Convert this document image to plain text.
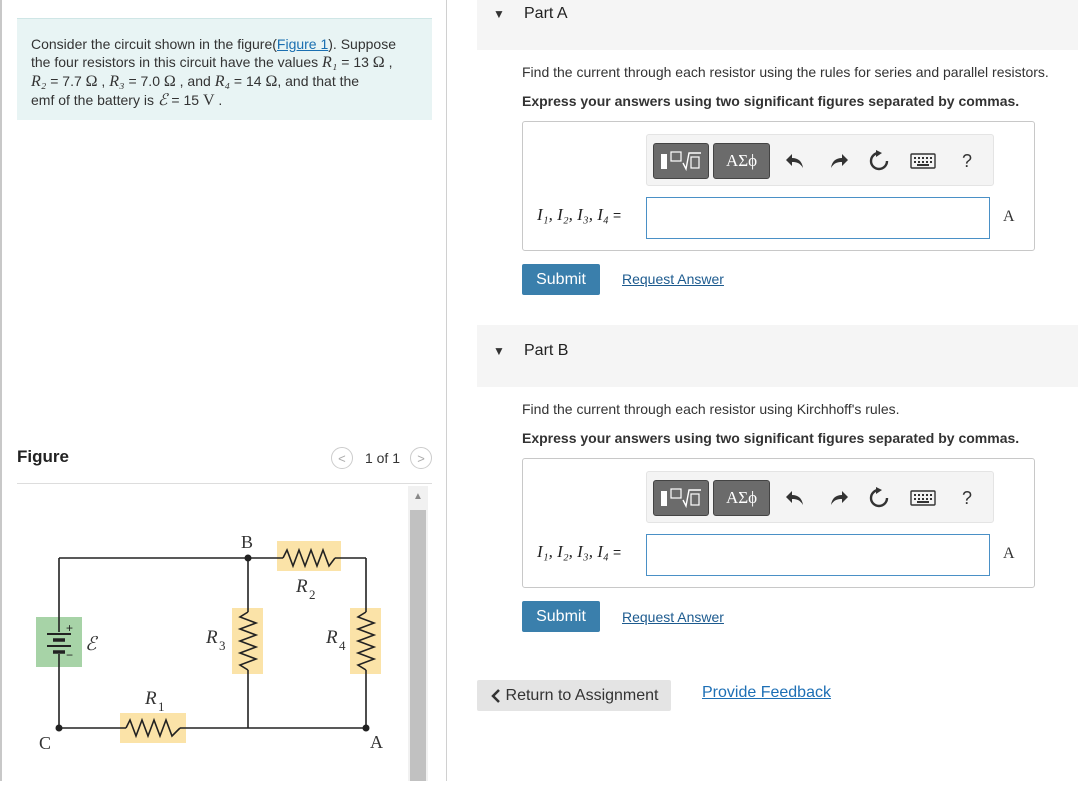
Consider the circuit shown in the figure(Figure 1). Suppose
the four resistors in this circuit have the values R₁ = 13 Ω ,
R₂ = 7.7 Ω , R₃ = 7.0 Ω , and R₄ = 14 Ω, and that the
emf of the battery is ℰ = 15 V .
Figure	< 1 of 1 >
+
− ℰ
B
C	A
R 2
R 3	R 4
R 1
▲
▼ Part A
Find the current through each resistor using the rules for series and parallel resistors.
Express your answers using two significant figures separated by commas.
ΑΣϕ	?
I₁, I₂, I₃, I₄ =	A
Submit	Request Answer
▼ Part B
Find the current through each resistor using Kirchhoff's rules.
Express your answers using two significant figures separated by commas.
ΑΣϕ	?
I₁, I₂, I₃, I₄ =	A
Submit	Request Answer
Return to Assignment	Provide Feedback
